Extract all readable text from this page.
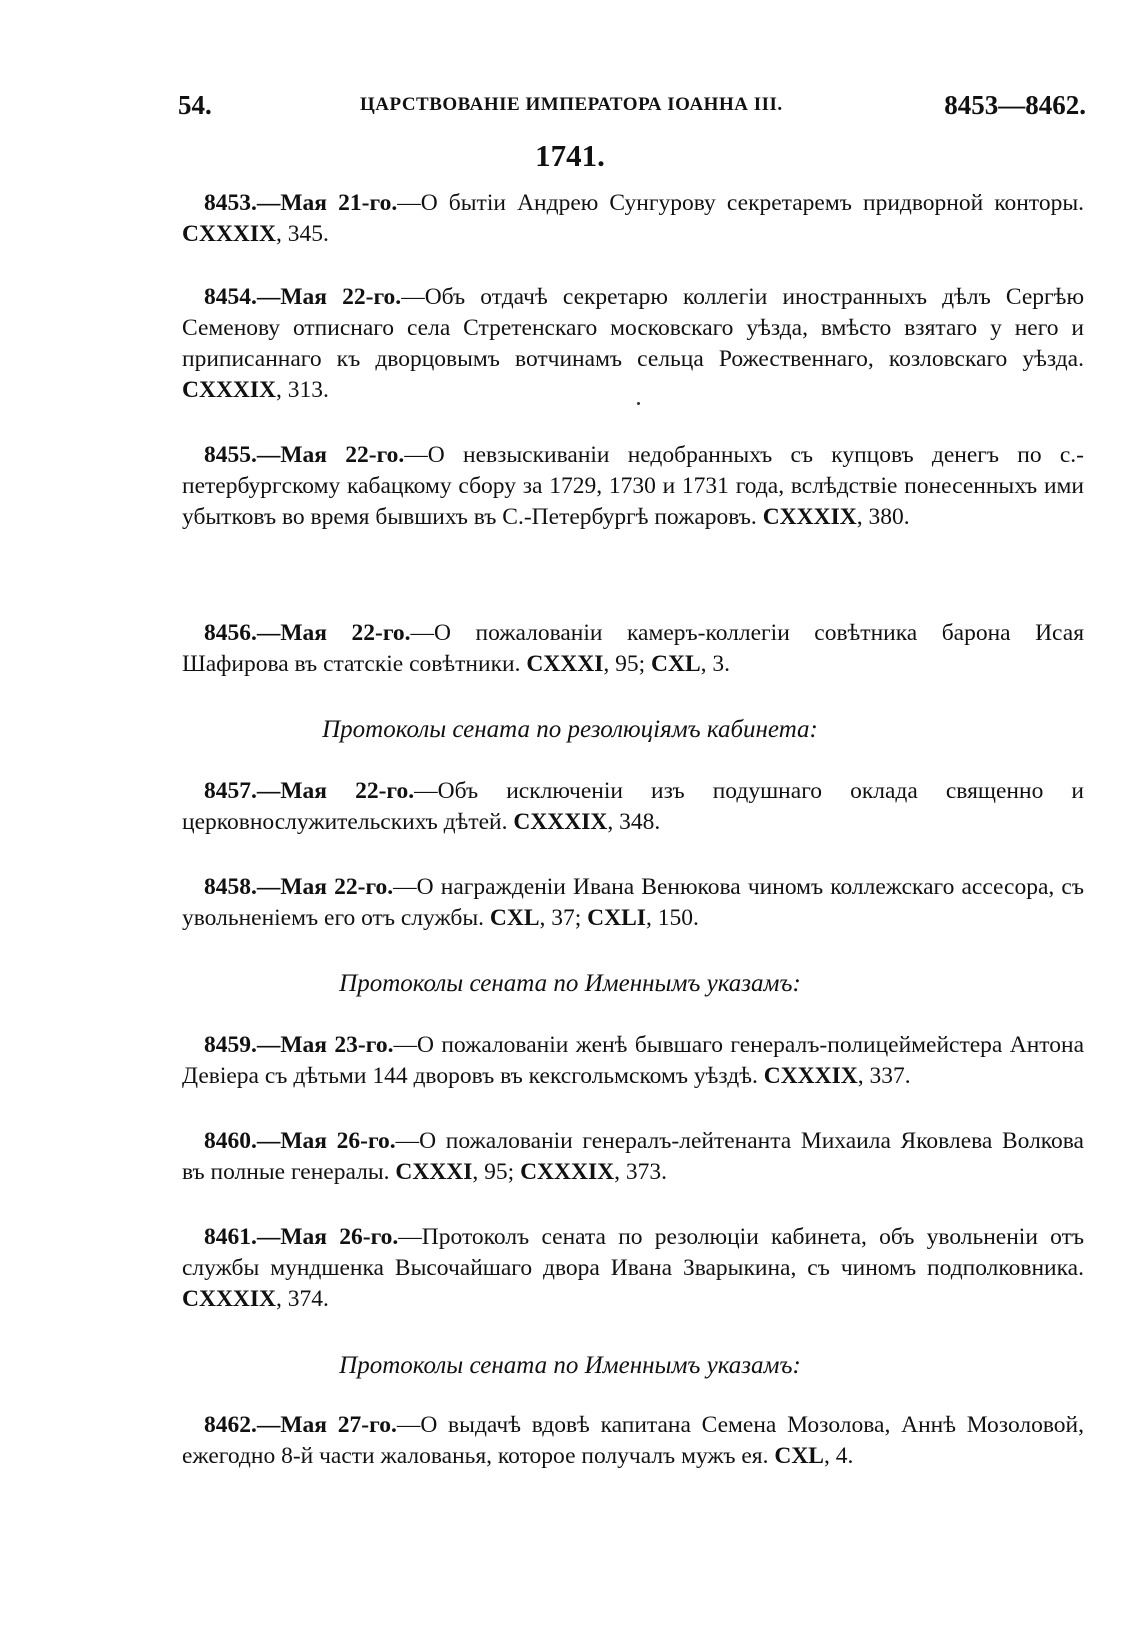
54.	ЦАРСТВОВАНІЕ ИМПЕРАТОРА ІОАННА III.	8453—8462.
1741.

8453.—Мая 21-го.—О бытіи Андрею Сунгурову секретаремъ придворной конторы. CXXXIX, 345.

8454.—Мая 22-го.—Объ отдачѣ секретарю коллегіи иностранныхъ дѣлъ Сергѣю Семенову отписнаго села Стретенскаго московскаго уѣзда, вмѣсто взятаго у него и приписаннаго къ дворцовымъ вотчинамъ сельца Рожественнаго, козловскаго уѣзда. CXXXIX, 313.

8455.—Мая 22-го.—О невзыскиваніи недобранныхъ съ купцовъ денегъ по с.-петербургскому кабацкому сбору за 1729, 1730 и 1731 года, вслѣдствіе понесенныхъ ими убытковъ во время бывшихъ въ С.-Петербургѣ пожаровъ. CXXXIX, 380.

8456.—Мая 22-го.—О пожалованіи камеръ-коллегіи совѣтника барона Исая Шафирова въ статскіе совѣтники. CXXXI, 95; CXL, 3.

Протоколы сената по резолюціямъ кабинета:

8457.—Мая 22-го.—Объ исключеніи изъ подушнаго оклада священно и церковнослужительскихъ дѣтей. CXXXIX, 348.

8458.—Мая 22-го.—О награжденіи Ивана Венюкова чиномъ коллежскаго ассесора, съ увольненіемъ его отъ службы. CXL, 37; CXLI, 150.

Протоколы сената по Именнымъ указамъ:

8459.—Мая 23-го.—О пожалованіи женѣ бывшаго генералъ-полицеймейстера Антона Девіера съ дѣтьми 144 дворовъ въ кексгольмскомъ уѣздѣ. CXXXIX, 337.

8460.—Мая 26-го.—О пожалованіи генералъ-лейтенанта Михаила Яковлева Волкова въ полные генералы. CXXXI, 95; CXXXIX, 373.

8461.—Мая 26-го.—Протоколъ сената по резолюціи кабинета, объ увольненіи отъ службы мундшенка Высочайшаго двора Ивана Зварыкина, съ чиномъ подполковника. CXXXIX, 374.

Протоколы сената по Именнымъ указамъ:

8462.—Мая 27-го.—О выдачѣ вдовѣ капитана Семена Мозолова, Аннѣ Мозоловой, ежегодно 8-й части жалованья, которое получалъ мужъ ея. CXL, 4.
